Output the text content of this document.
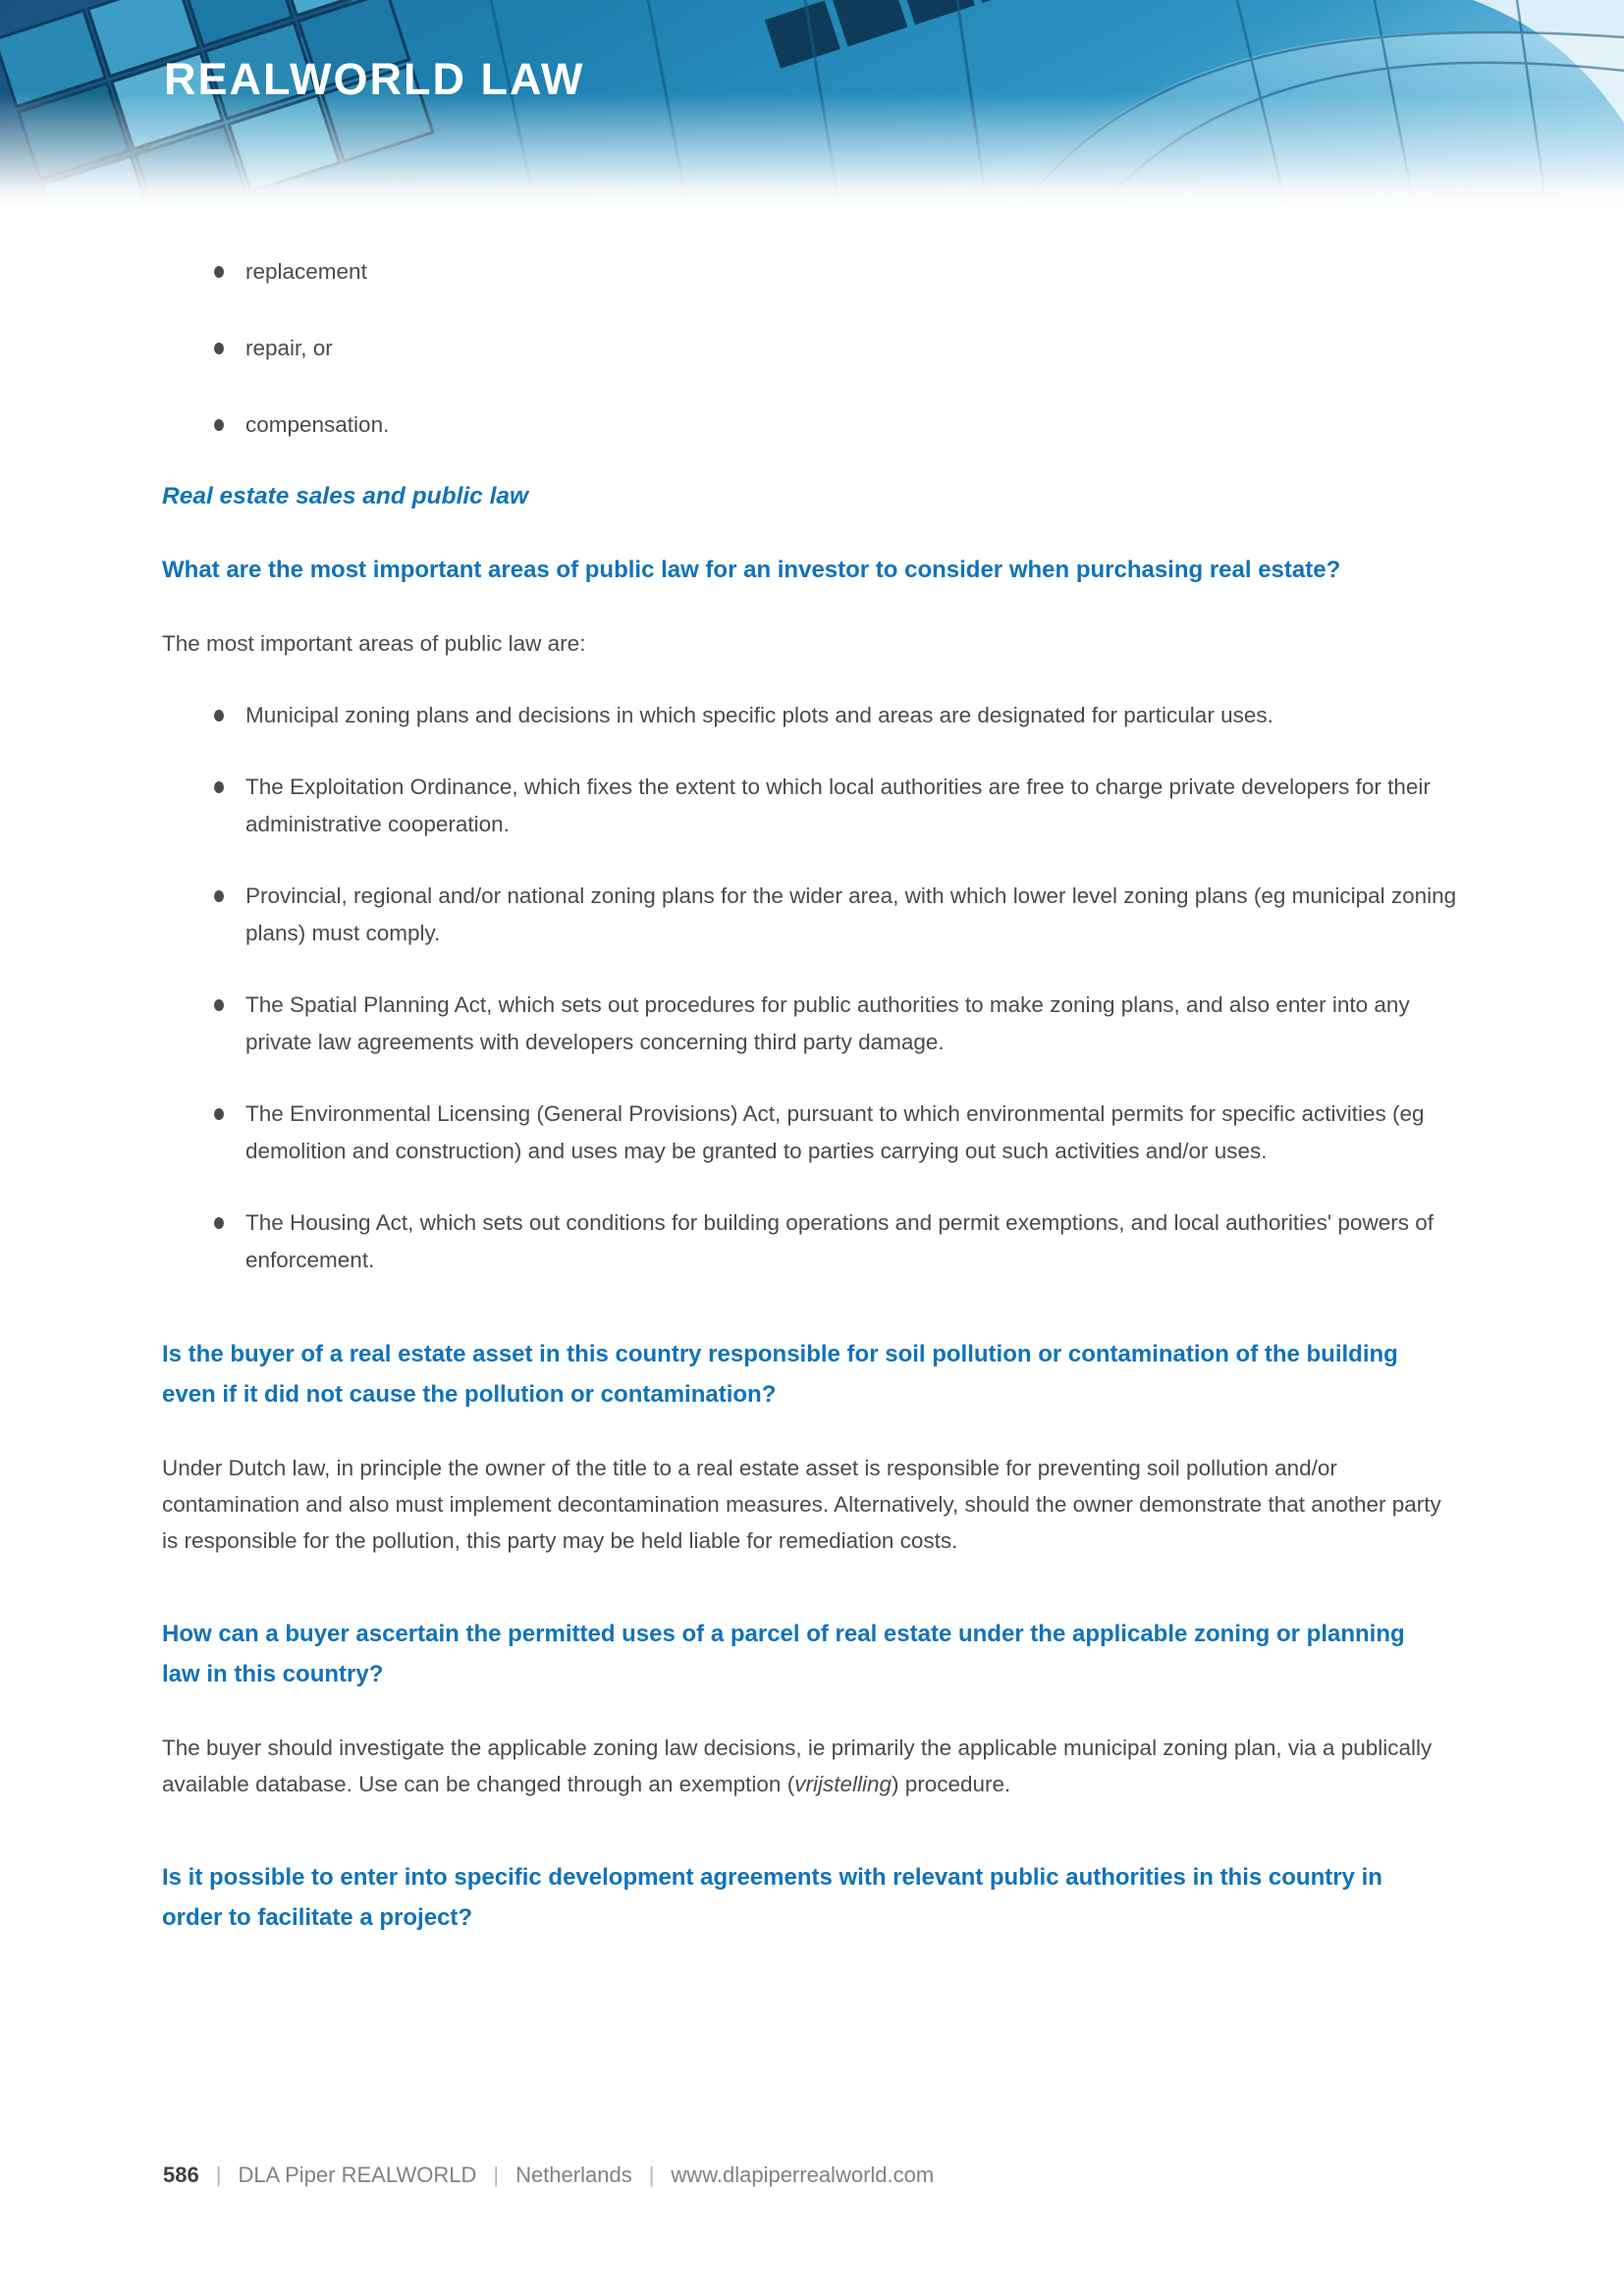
REALWORLD LAW
replacement
repair, or
compensation.
Real estate sales and public law
What are the most important areas of public law for an investor to consider when purchasing real estate?

The most important areas of public law are:

Municipal zoning plans and decisions in which specific plots and areas are designated for particular uses.
The Exploitation Ordinance, which fixes the extent to which local authorities are free to charge private developers for their administrative cooperation.
Provincial, regional and/or national zoning plans for the wider area, with which lower level zoning plans (eg municipal zoning plans) must comply.
The Spatial Planning Act, which sets out procedures for public authorities to make zoning plans, and also enter into any private law agreements with developers concerning third party damage.
The Environmental Licensing (General Provisions) Act, pursuant to which environmental permits for specific activities (eg demolition and construction) and uses may be granted to parties carrying out such activities and/or uses.
The Housing Act, which sets out conditions for building operations and permit exemptions, and local authorities' powers of enforcement.
Is the buyer of a real estate asset in this country responsible for soil pollution or contamination of the building even if it did not cause the pollution or contamination?

Under Dutch law, in principle the owner of the title to a real estate asset is responsible for preventing soil pollution and/or contamination and also must implement decontamination measures. Alternatively, should the owner demonstrate that another party is responsible for the pollution, this party may be held liable for remediation costs.

How can a buyer ascertain the permitted uses of a parcel of real estate under the applicable zoning or planning law in this country?

The buyer should investigate the applicable zoning law decisions, ie primarily the applicable municipal zoning plan, via a publically available database. Use can be changed through an exemption (vrijstelling) procedure.

Is it possible to enter into specific development agreements with relevant public authorities in this country in order to facilitate a project?
586 | DLA Piper REALWORLD | Netherlands | www.dlapiperrealworld.com
